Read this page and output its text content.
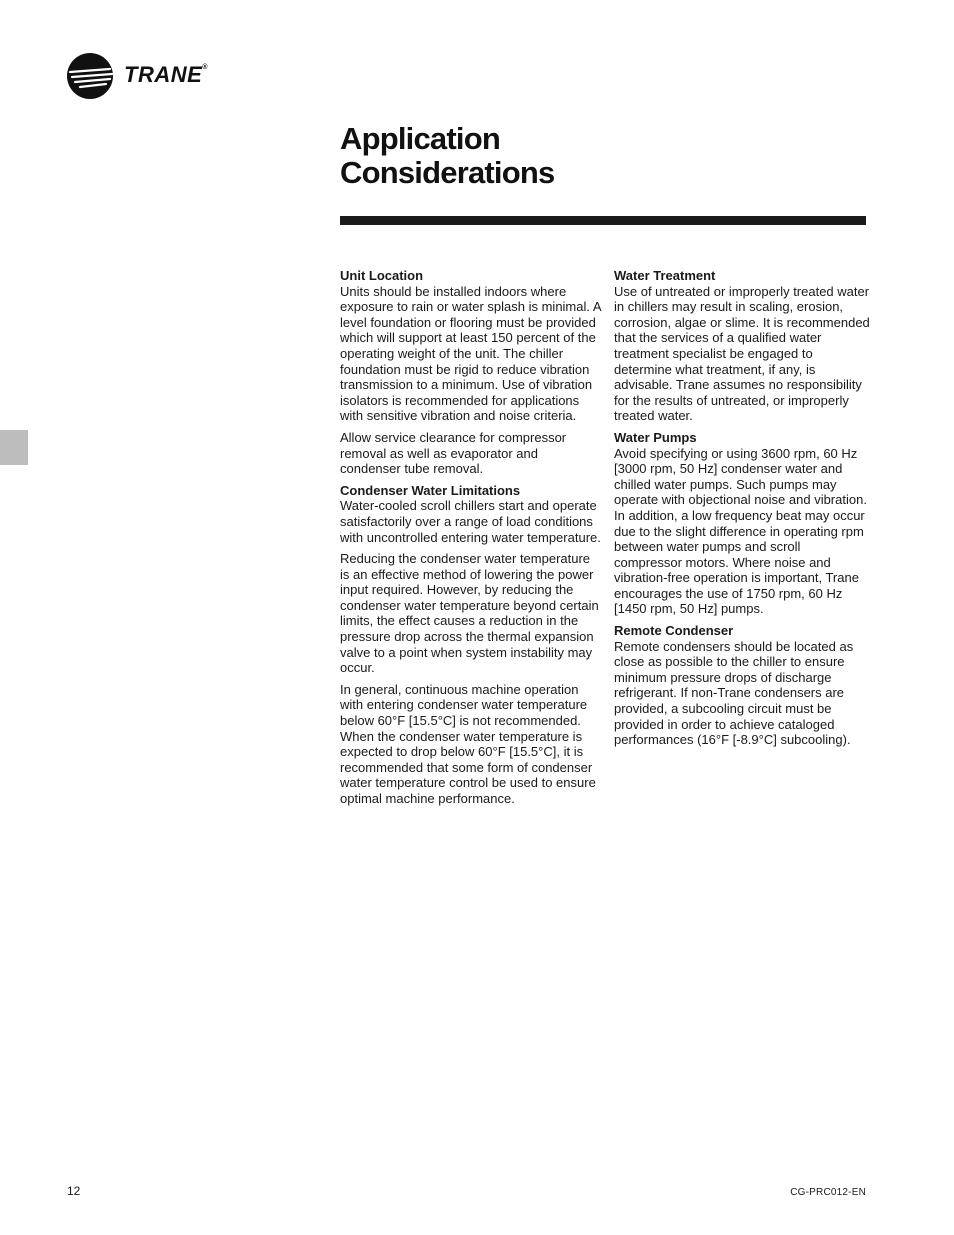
TRANE®
Application
Considerations

Unit Location

Units should be installed indoors where exposure to rain or water splash is minimal. A level foundation or flooring must be provided which will support at least 150 percent of the operating weight of the unit. The chiller foundation must be rigid to reduce vibration transmission to a minimum. Use of vibration isolators is recommended for applications with sensitive vibration and noise criteria.

Allow service clearance for compressor removal as well as evaporator and condenser tube removal.

Condenser Water Limitations

Water-cooled scroll chillers start and operate satisfactorily over a range of load conditions with uncontrolled entering water temperature.

Reducing the condenser water temperature is an effective method of lowering the power input required. However, by reducing the condenser water temperature beyond certain limits, the effect causes a reduction in the pressure drop across the thermal expansion valve to a point when system instability may occur.

In general, continuous machine operation with entering condenser water temperature below 60°F [15.5°C] is not recommended. When the condenser water temperature is expected to drop below 60°F [15.5°C], it is recommended that some form of condenser water temperature control be used to ensure optimal machine performance.

Water Treatment

Use of untreated or improperly treated water in chillers may result in scaling, erosion, corrosion, algae or slime. It is recommended that the services of a qualified water treatment specialist be engaged to determine what treatment, if any, is advisable. Trane assumes no responsibility for the results of untreated, or improperly treated water.

Water Pumps

Avoid specifying or using 3600 rpm, 60 Hz [3000 rpm, 50 Hz] condenser water and chilled water pumps. Such pumps may operate with objectional noise and vibration. In addition, a low frequency beat may occur due to the slight difference in operating rpm between water pumps and scroll compressor motors. Where noise and vibration-free operation is important, Trane encourages the use of 1750 rpm, 60 Hz [1450 rpm, 50 Hz] pumps.

Remote Condenser

Remote condensers should be located as close as possible to the chiller to ensure minimum pressure drops of discharge refrigerant. If non-Trane condensers are provided, a subcooling circuit must be provided in order to achieve cataloged performances (16°F [-8.9°C] subcooling).

12	CG-PRC012-EN
